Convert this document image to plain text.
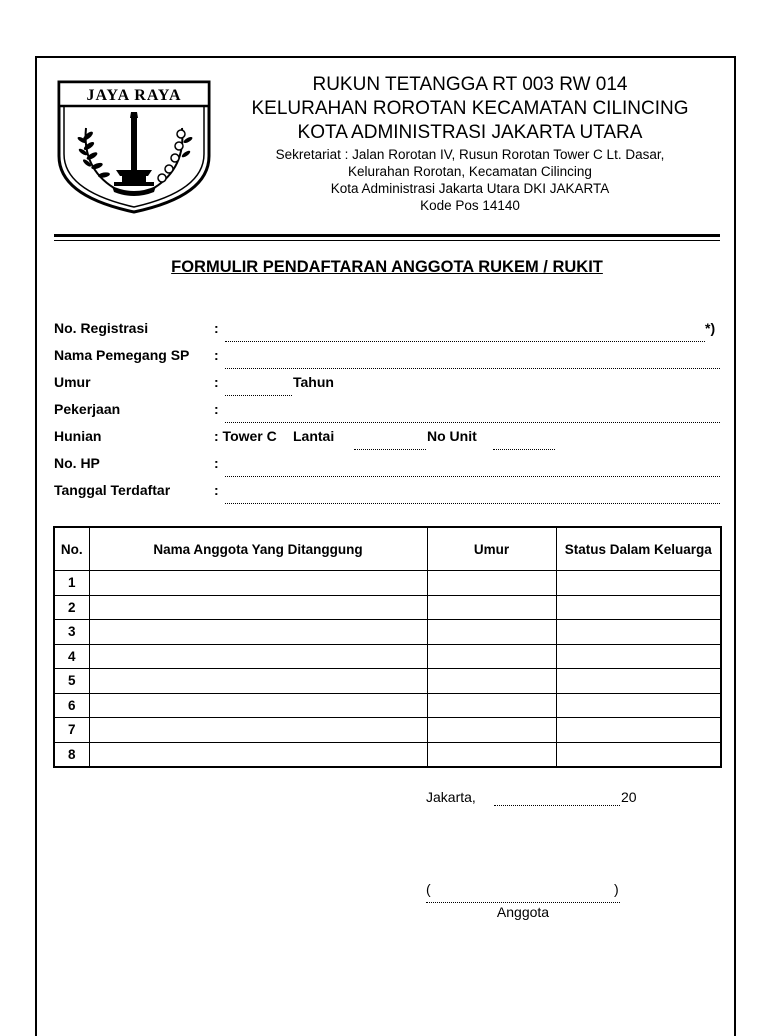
JAYA RAYA
RUKUN TETANGGA RT 003 RW 014
KELURAHAN ROROTAN KECAMATAN CILINCING
KOTA ADMINISTRASI JAKARTA UTARA
Sekretariat : Jalan Rorotan IV, Rusun Rorotan Tower C Lt. Dasar,
Kelurahan Rorotan, Kecamatan Cilincing
Kota Administrasi Jakarta Utara DKI JAKARTA
Kode Pos 14140
FORMULIR PENDAFTARAN ANGGOTA RUKEM / RUKIT
No. Registrasi	:	*)
Nama Pemegang SP :
Umur	:	Tahun
Pekerjaan	:
Hunian	: Tower C Lantai	No Unit
No. HP	:
Tanggal Terdaftar	:
No.	Nama Anggota Yang Ditanggung	Umur	Status Dalam Keluarga
1			
2			
3			
4			
5			
6			
7			
8			
Jakarta,	20
(	)
Anggota
